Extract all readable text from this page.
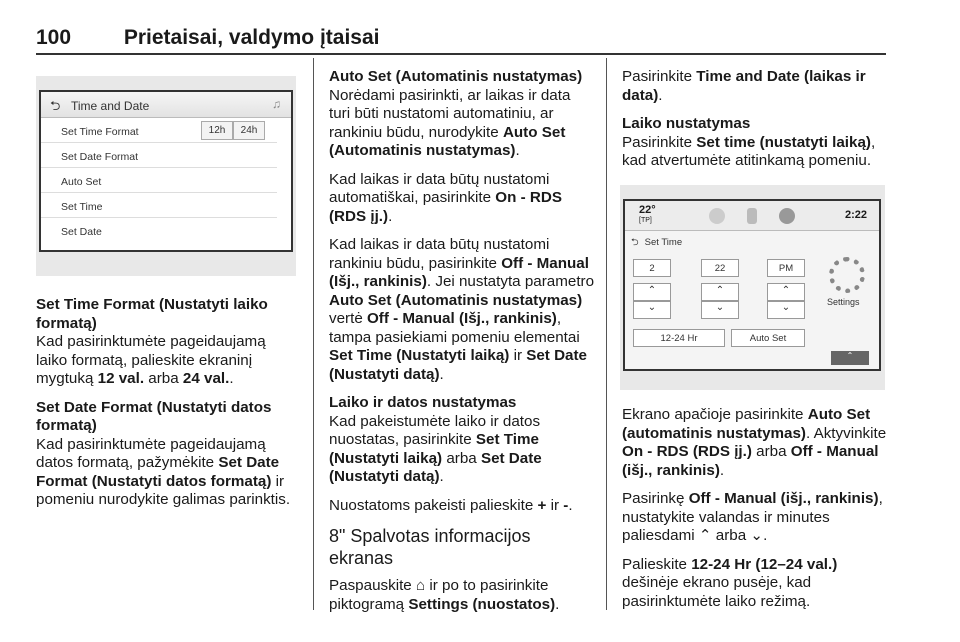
100	Prietaisai, valdymo įtaisai
⮌ Time and Date	♫
Set Time Format	12h	24h
Set Date Format
Auto Set
Set Time
Set Date
Set Time Format (Nustatyti laiko formatą)

Kad pasirinktumėte pageidaujamą laiko formatą, palieskite ekraninį mygtuką 12 val. arba 24 val..

Set Date Format (Nustatyti datos formatą)

Kad pasirinktumėte pageidaujamą datos formatą, pažymėkite Set Date Format (Nustatyti datos formatą) ir pomeniu nurodykite galimas parinktis.

Auto Set (Automatinis nustatymas)

Norėdami pasirinkti, ar laikas ir data turi būti nustatomi automatiniu, ar rankiniu būdu, nurodykite Auto Set (Automatinis nustatymas).

Kad laikas ir data būtų nustatomi automatiškai, pasirinkite On - RDS (RDS įj.).

Kad laikas ir data būtų nustatomi rankiniu būdu, pasirinkite Off - Manual (Išj., rankinis). Jei nustatyta parametro Auto Set (Automatinis nustatymas) vertė Off - Manual (Išj., rankinis), tampa pasiekiami pomeniu elementai Set Time (Nustatyti laiką) ir Set Date (Nustatyti datą).

Laiko ir datos nustatymas

Kad pakeistumėte laiko ir datos nuostatas, pasirinkite Set Time (Nustatyti laiką) arba Set Date (Nustatyti datą).

Nuostatoms pakeisti palieskite + ir -.

8" Spalvotas informacijos ekranas

Paspauskite ⌂ ir po to pasirinkite piktogramą Settings (nuostatos).

Pasirinkite Time and Date (laikas ir data).

Laiko nustatymas

Pasirinkite Set time (nustatyti laiką), kad atvertumėte atitinkamą pomeniu.

22°
[TP]	2:22
⮌ Set Time
2	22	PM
⌃
⌄
⌃
⌄
⌃
⌄
12-24 Hr	Auto Set
Settings
⌃

Ekrano apačioje pasirinkite Auto Set (automatinis nustatymas). Aktyvinkite On - RDS (RDS įj.) arba Off - Manual (išj., rankinis).

Pasirinkę Off - Manual (išj., rankinis), nustatykite valandas ir minutes paliesdami ⌃ arba ⌄.

Palieskite 12-24 Hr (12–24 val.) dešinėje ekrano pusėje, kad pasirinktumėte laiko režimą.
